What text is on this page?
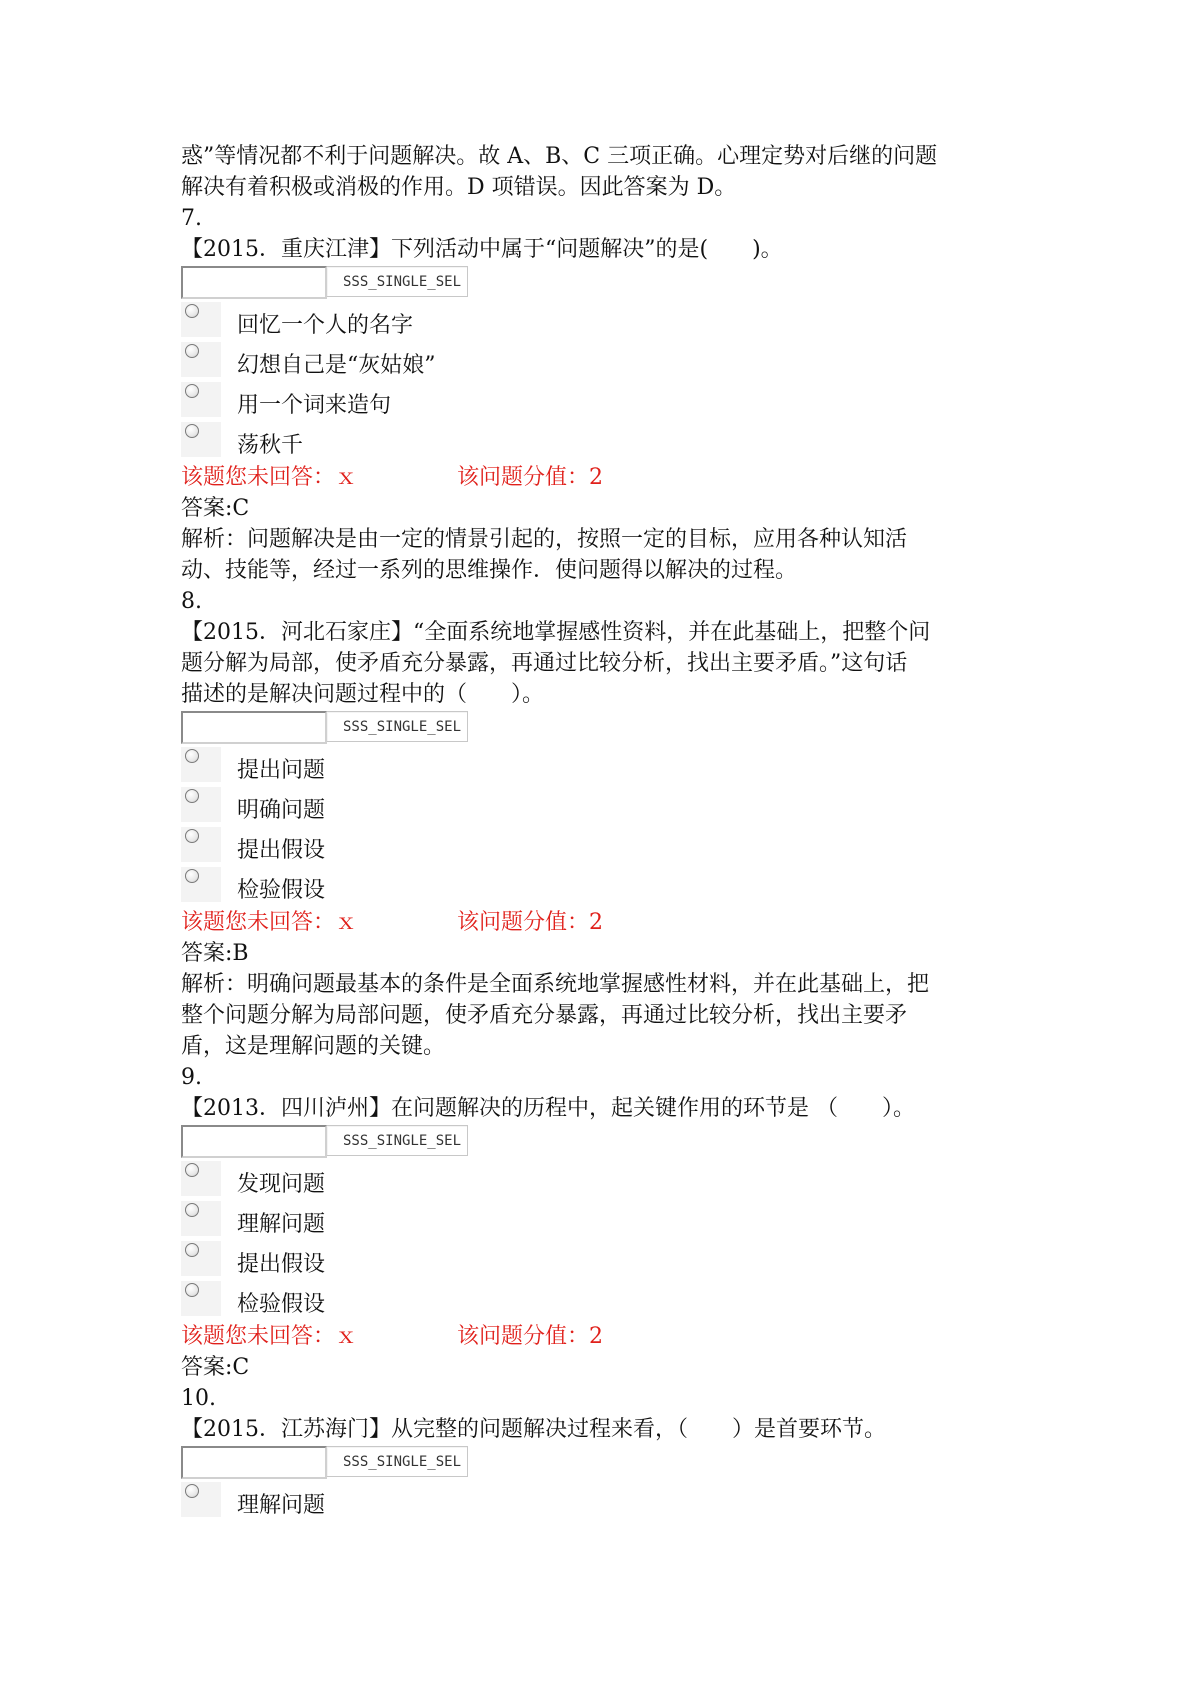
惑”等情况都不利于问题解决。故 A、B、C 三项正确。心理定势对后继的问题
解决有着积极或消极的作用。D 项错误。因此答案为 D。
7.
【2015．重庆江津】下列活动中属于“问题解决”的是(　　)。
SSS_SINGLE_SEL
回忆一个人的名字
幻想自己是“灰姑娘”
用一个词来造句
荡秋千
该题您未回答：ｘ	该问题分值：2
答案:C
解析：问题解决是由一定的情景引起的，按照一定的目标，应用各种认知活
动、技能等，经过一系列的思维操作．使问题得以解决的过程。
8.
【2015．河北石家庄】“全面系统地掌握感性资料，并在此基础上，把整个问
题分解为局部，使矛盾充分暴露，再通过比较分析，找出主要矛盾。”这句话
描述的是解决问题过程中的（　　）。
SSS_SINGLE_SEL
提出问题
明确问题
提出假设
检验假设
该题您未回答：ｘ	该问题分值：2
答案:B
解析：明确问题最基本的条件是全面系统地掌握感性材料，并在此基础上，把
整个问题分解为局部问题，使矛盾充分暴露，再通过比较分析，找出主要矛
盾，这是理解问题的关键。
9.
【2013．四川泸州】在问题解决的历程中，起关键作用的环节是 （　　）。
SSS_SINGLE_SEL
发现问题
理解问题
提出假设
检验假设
该题您未回答：ｘ	该问题分值：2
答案:C
10.
【2015．江苏海门】从完整的问题解决过程来看，（　　）是首要环节。
SSS_SINGLE_SEL
理解问题
